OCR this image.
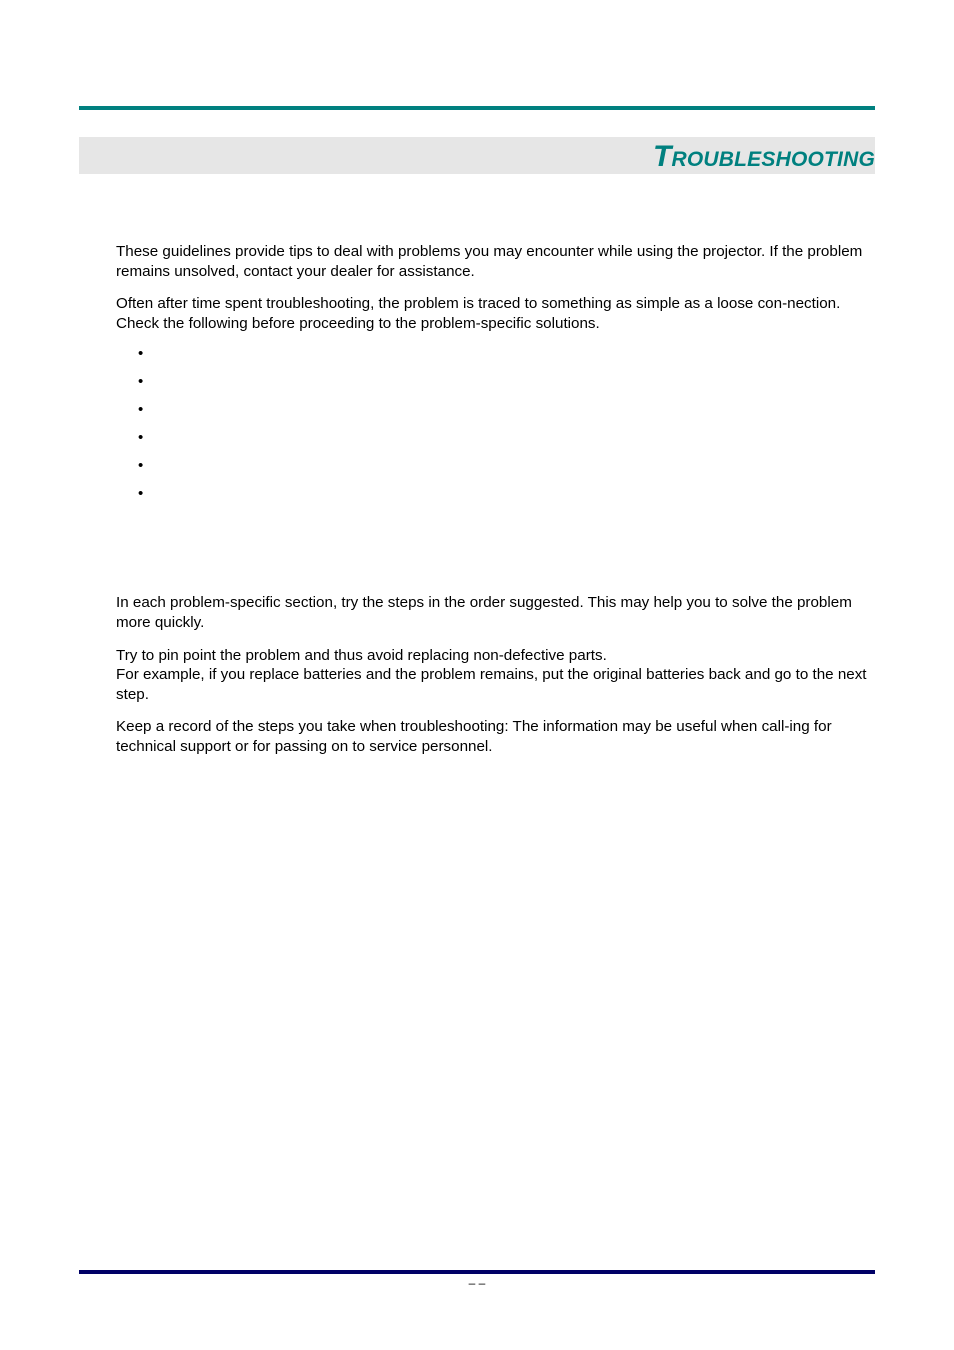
Troubleshooting

These guidelines provide tips to deal with problems you may encounter while using the projector. If the problem remains unsolved, contact your dealer for assistance.

Often after time spent troubleshooting, the problem is traced to something as simple as a loose con-nection. Check the following before proceeding to the problem-specific solutions.

•
•
•
•
•
•

In each problem-specific section, try the steps in the order suggested. This may help you to solve the problem more quickly.

Try to pin point the problem and thus avoid replacing non-defective parts.
For example, if you replace batteries and the problem remains, put the original batteries back and go to the next step.

Keep a record of the steps you take when troubleshooting: The information may be useful when call-ing for technical support or for passing on to service personnel.

– –
